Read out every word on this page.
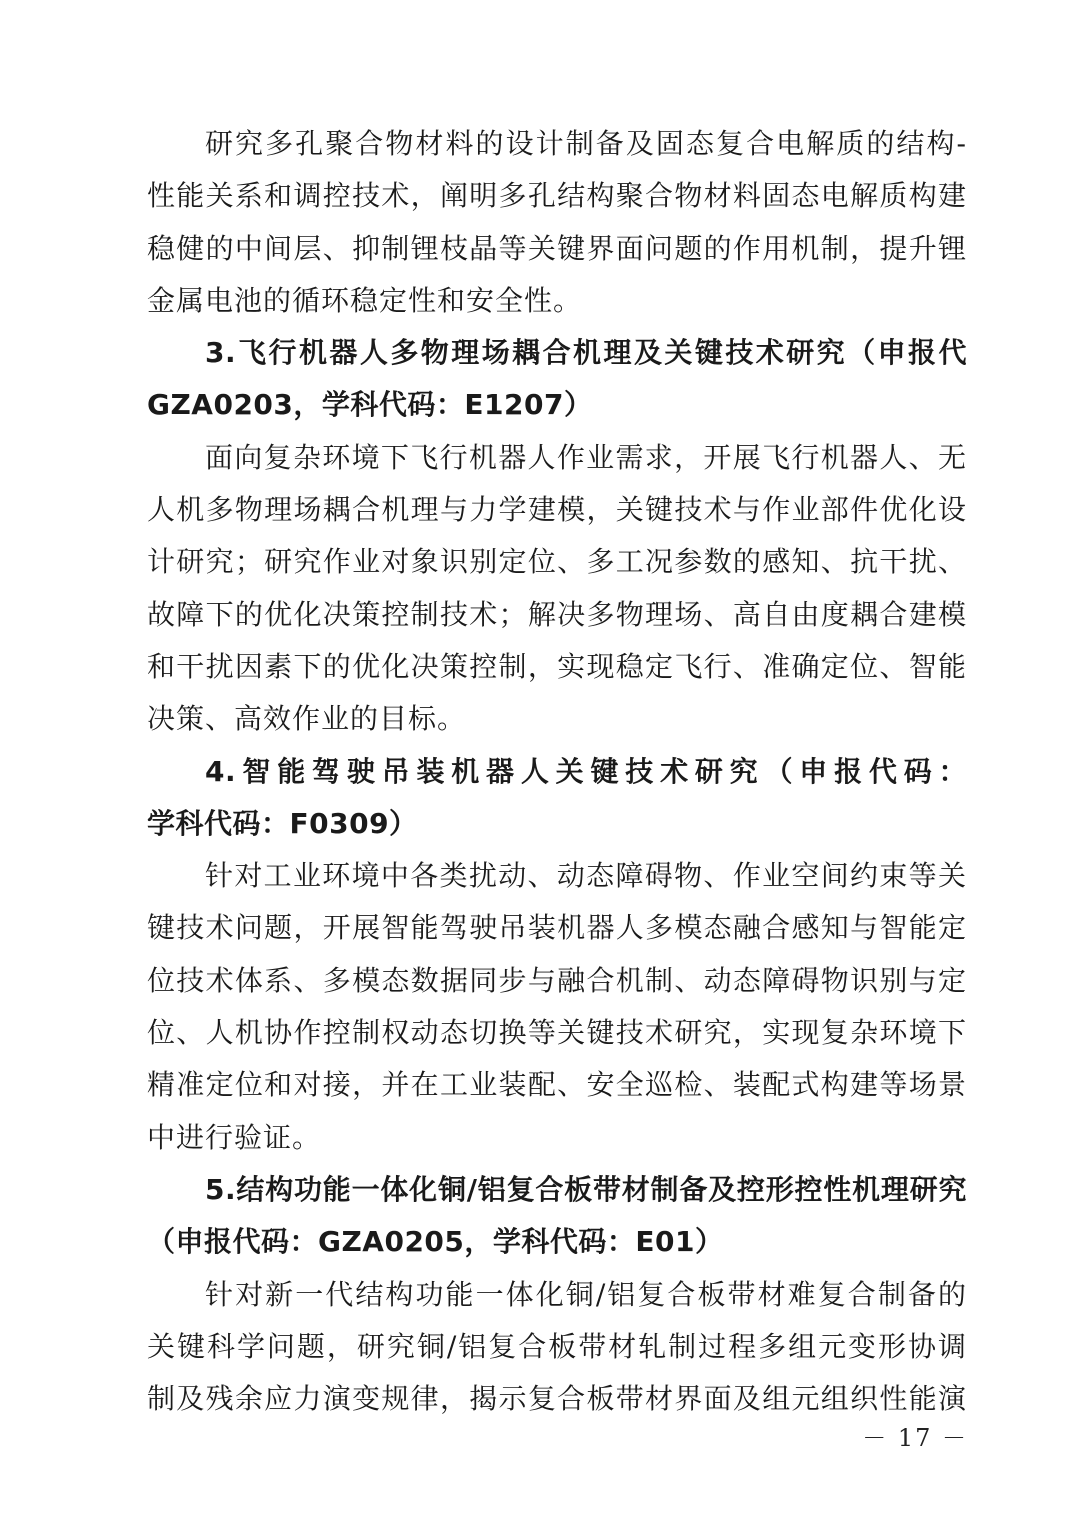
研究多孔聚合物材料的设计制备及固态复合电解质的结构-
性能关系和调控技术，阐明多孔结构聚合物材料固态电解质构建
稳健的中间层、抑制锂枝晶等关键界面问题的作用机制，提升锂
金属电池的循环稳定性和安全性。
3.飞行机器人多物理场耦合机理及关键技术研究（申报代
GZA0203，学科代码：E1207）
面向复杂环境下飞行机器人作业需求，开展飞行机器人、无
人机多物理场耦合机理与力学建模，关键技术与作业部件优化设
计研究；研究作业对象识别定位、多工况参数的感知、抗干扰、
故障下的优化决策控制技术；解决多物理场、高自由度耦合建模
和干扰因素下的优化决策控制，实现稳定飞行、准确定位、智能
决策、高效作业的目标。
4.智能驾驶吊装机器人关键技术研究（申报代码：
学科代码：F0309）
针对工业环境中各类扰动、动态障碍物、作业空间约束等关
键技术问题，开展智能驾驶吊装机器人多模态融合感知与智能定
位技术体系、多模态数据同步与融合机制、动态障碍物识别与定
位、人机协作控制权动态切换等关键技术研究，实现复杂环境下
精准定位和对接，并在工业装配、安全巡检、装配式构建等场景
中进行验证。
5.结构功能一体化铜/铝复合板带材制备及控形控性机理研究
（申报代码：GZA0205，学科代码：E01）
针对新一代结构功能一体化铜/铝复合板带材难复合制备的
关键科学问题，研究铜/铝复合板带材轧制过程多组元变形协调
制及残余应力演变规律，揭示复合板带材界面及组元组织性能演
－ 17 －
